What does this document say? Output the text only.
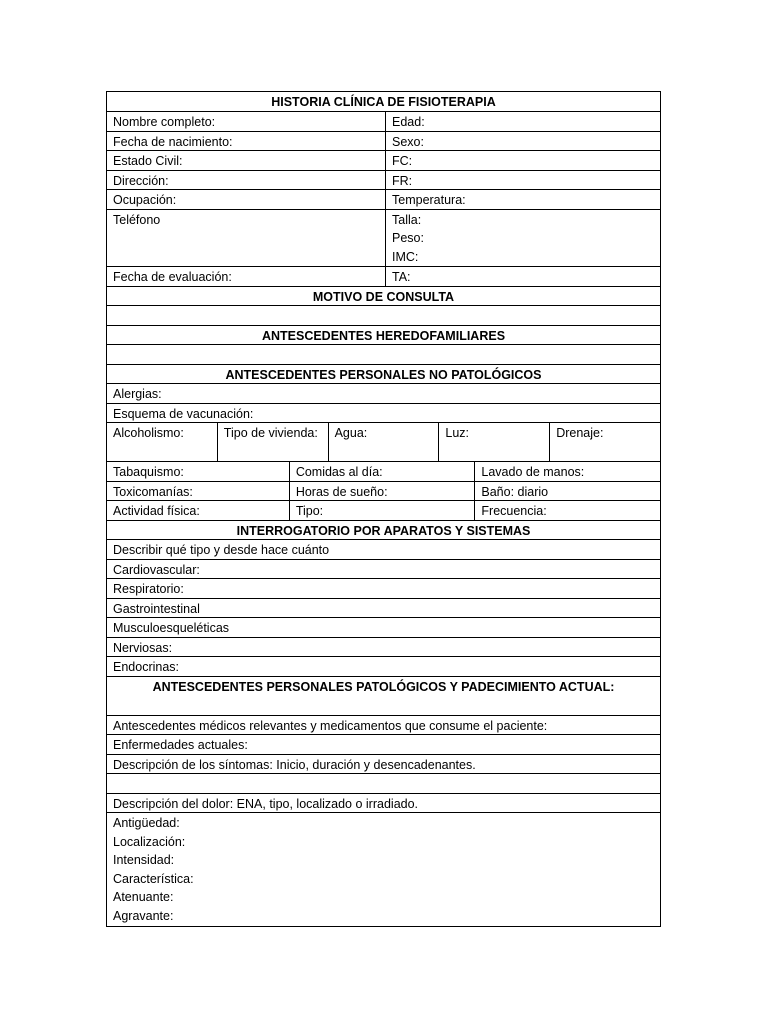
HISTORIA CLÍNICA DE FISIOTERAPIA
Nombre completo:	Edad:
Fecha de nacimiento:	Sexo:
Estado Civil:	FC:
Dirección:	FR:
Ocupación:	Temperatura:
Teléfono	Talla:
Peso:
IMC:
Fecha de evaluación:	TA:
MOTIVO DE CONSULTA
ANTESCEDENTES HEREDOFAMILIARES
ANTESCEDENTES PERSONALES NO PATOLÓGICOS
Alergias:
Esquema de vacunación:
Alcoholismo:	Tipo de vivienda:	Agua:	Luz:	Drenaje:
Tabaquismo:	Comidas al día:	Lavado de manos:
Toxicomanías:	Horas de sueño:	Baño: diario
Actividad física:	Tipo:	Frecuencia:
INTERROGATORIO POR APARATOS Y SISTEMAS
Describir qué tipo y desde hace cuánto
Cardiovascular:
Respiratorio:
Gastrointestinal
Musculoesqueléticas
Nerviosas:
Endocrinas:
ANTESCEDENTES PERSONALES PATOLÓGICOS Y PADECIMIENTO ACTUAL:
Antescedentes médicos relevantes y medicamentos que consume el paciente:
Enfermedades actuales:
Descripción de los síntomas: Inicio, duración y desencadenantes.
Descripción del dolor: ENA, tipo, localizado o irradiado.
Antigüedad:
Localización:
Intensidad:
Característica:
Atenuante:
Agravante:
